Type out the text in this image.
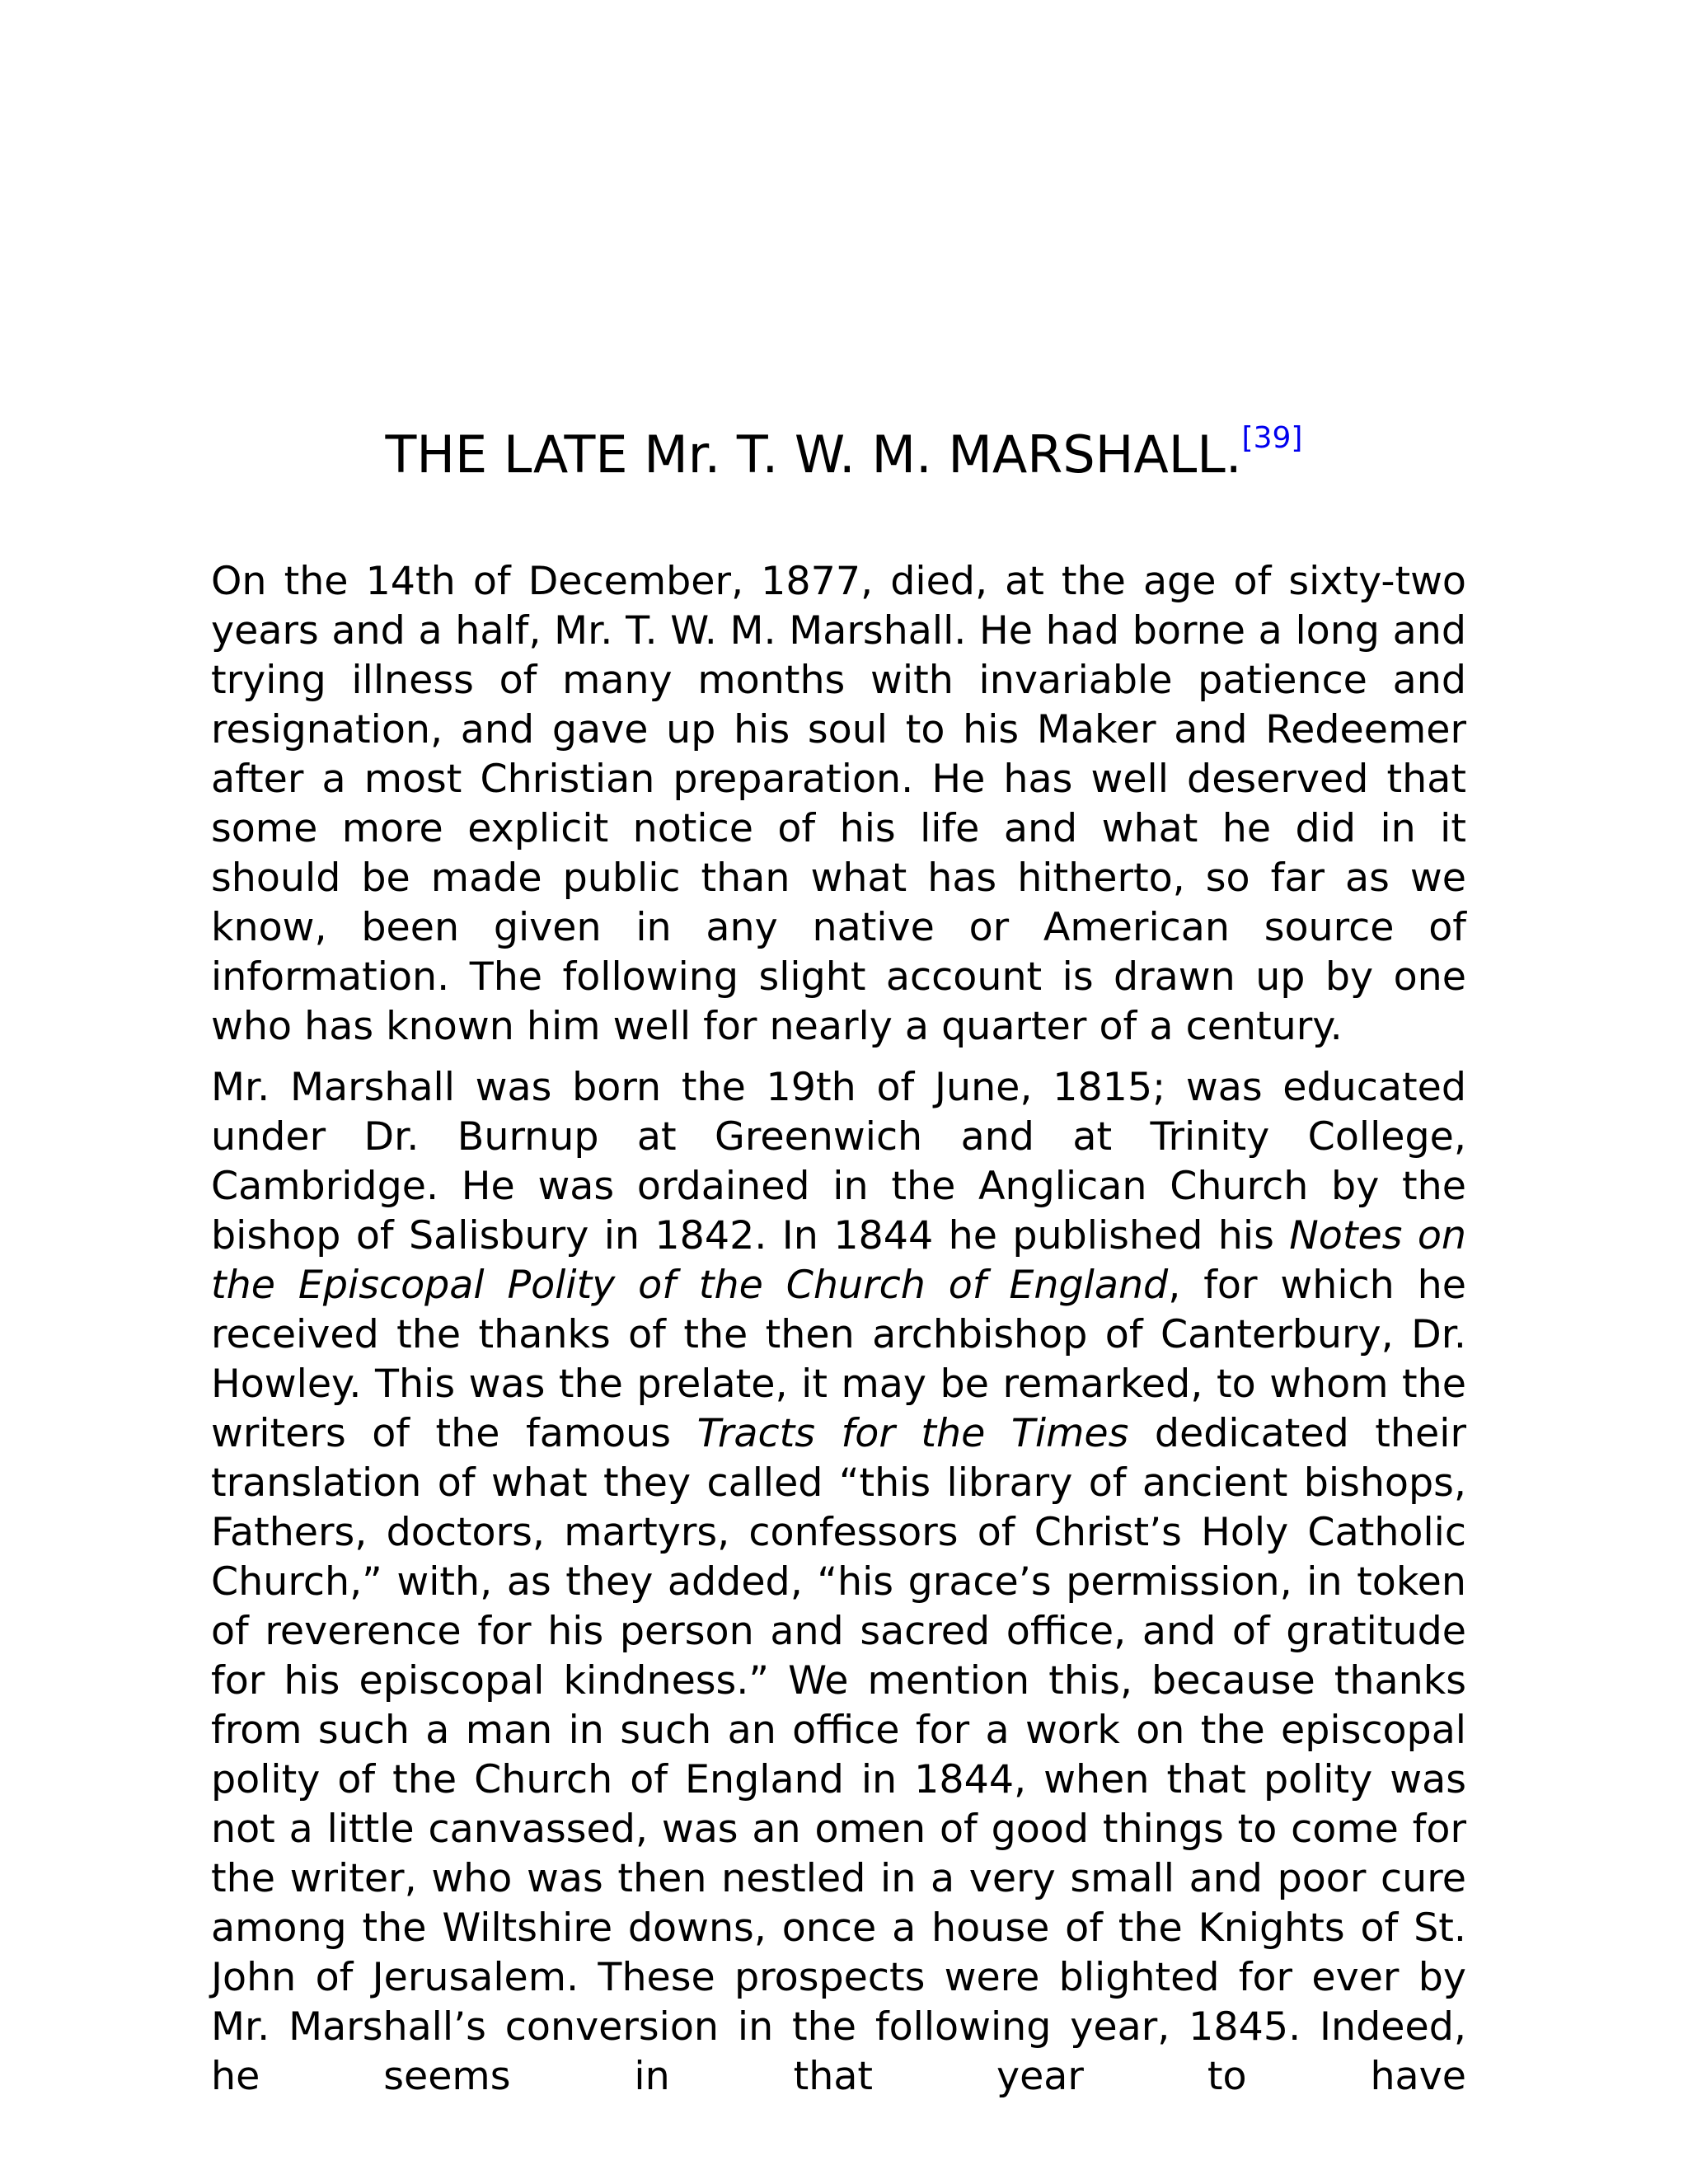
THE LATE Mr. T. W. M. MARSHALL.[39]

On the 14th of December, 1877, died, at the age of sixty-two years and a half, Mr. T. W. M. Marshall. He had borne a long and trying illness of many months with invariable patience and resignation, and gave up his soul to his Maker and Redeemer after a most Christian preparation. He has well deserved that some more explicit notice of his life and what he did in it should be made public than what has hitherto, so far as we know, been given in any native or American source of information. The following slight account is drawn up by one who has known him well for nearly a quarter of a century.

Mr. Marshall was born the 19th of June, 1815; was educated under Dr. Burnup at Greenwich and at Trinity College, Cambridge. He was ordained in the Anglican Church by the bishop of Salisbury in 1842. In 1844 he published his Notes on the Episcopal Polity of the Church of England, for which he received the thanks of the then archbishop of Canterbury, Dr. Howley. This was the prelate, it may be remarked, to whom the writers of the famous Tracts for the Times dedicated their translation of what they called “this library of ancient bishops, Fathers, doctors, martyrs, confessors of Christ’s Holy Catholic Church,” with, as they added, “his grace’s permission, in token of reverence for his person and sacred office, and of gratitude for his episcopal kindness.” We mention this, because thanks from such a man in such an office for a work on the episcopal polity of the Church of England in 1844, when that polity was not a little canvassed, was an omen of good things to come for the writer, who was then nestled in a very small and poor cure among the Wiltshire downs, once a house of the Knights of St. John of Jerusalem. These prospects were blighted for ever by Mr. Marshall’s conversion in the following year, 1845. Indeed, he seems in that year to have
